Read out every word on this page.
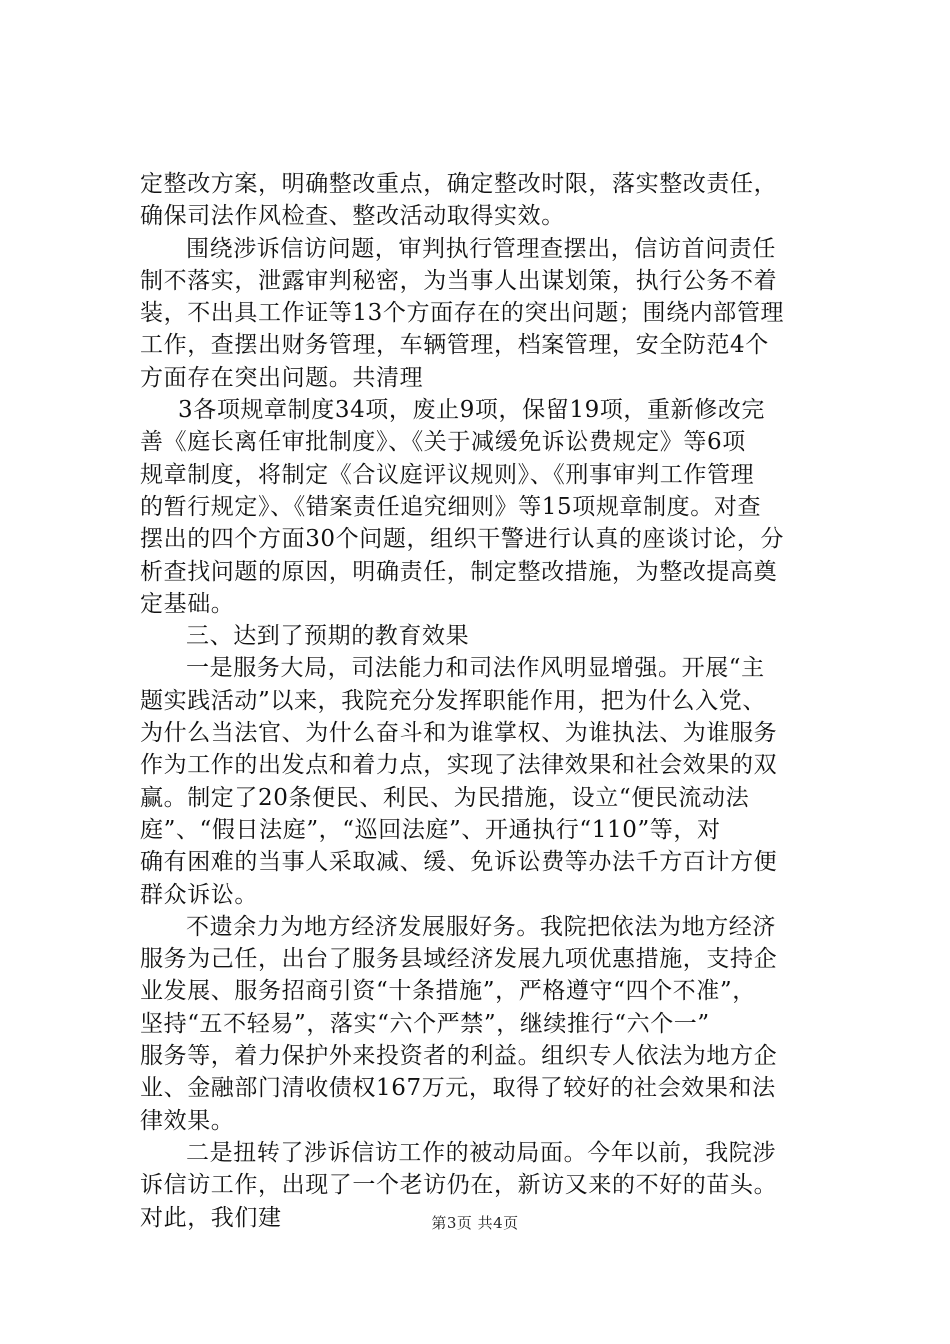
定整改方案，明确整改重点，确定整改时限，落实整改责任，
确保司法作风检查、整改活动取得实效。
围绕涉诉信访问题，审判执行管理查摆出，信访首问责任
制不落实，泄露审判秘密，为当事人出谋划策，执行公务不着
装，不出具工作证等13个方面存在的突出问题；围绕内部管理
工作，查摆出财务管理，车辆管理，档案管理，安全防范4个
方面存在突出问题。共清理
3各项规章制度34项，废止9项，保留19项，重新修改完
善《庭长离任审批制度》、《关于减缓免诉讼费规定》等6项
规章制度，将制定《合议庭评议规则》、《刑事审判工作管理
的暂行规定》、《错案责任追究细则》等15项规章制度。对查
摆出的四个方面30个问题，组织干警进行认真的座谈讨论，分
析查找问题的原因，明确责任，制定整改措施，为整改提高奠
定基础。
三、达到了预期的教育效果
一是服务大局，司法能力和司法作风明显增强。开展“主
题实践活动”以来，我院充分发挥职能作用，把为什么入党、
为什么当法官、为什么奋斗和为谁掌权、为谁执法、为谁服务
作为工作的出发点和着力点，实现了法律效果和社会效果的双
赢。制定了20条便民、利民、为民措施，设立“便民流动法
庭”、“假日法庭”，“巡回法庭”、开通执行“110”等，对
确有困难的当事人采取减、缓、免诉讼费等办法千方百计方便
群众诉讼。
不遗余力为地方经济发展服好务。我院把依法为地方经济
服务为己任，出台了服务县域经济发展九项优惠措施，支持企
业发展、服务招商引资“十条措施”，严格遵守“四个不准”，
坚持“五不轻易”，落实“六个严禁”，继续推行“六个一”
服务等，着力保护外来投资者的利益。组织专人依法为地方企
业、金融部门清收债权167万元，取得了较好的社会效果和法
律效果。
二是扭转了涉诉信访工作的被动局面。今年以前，我院涉
诉信访工作，出现了一个老访仍在，新访又来的不好的苗头。
对此，我们建	第3页 共4页
